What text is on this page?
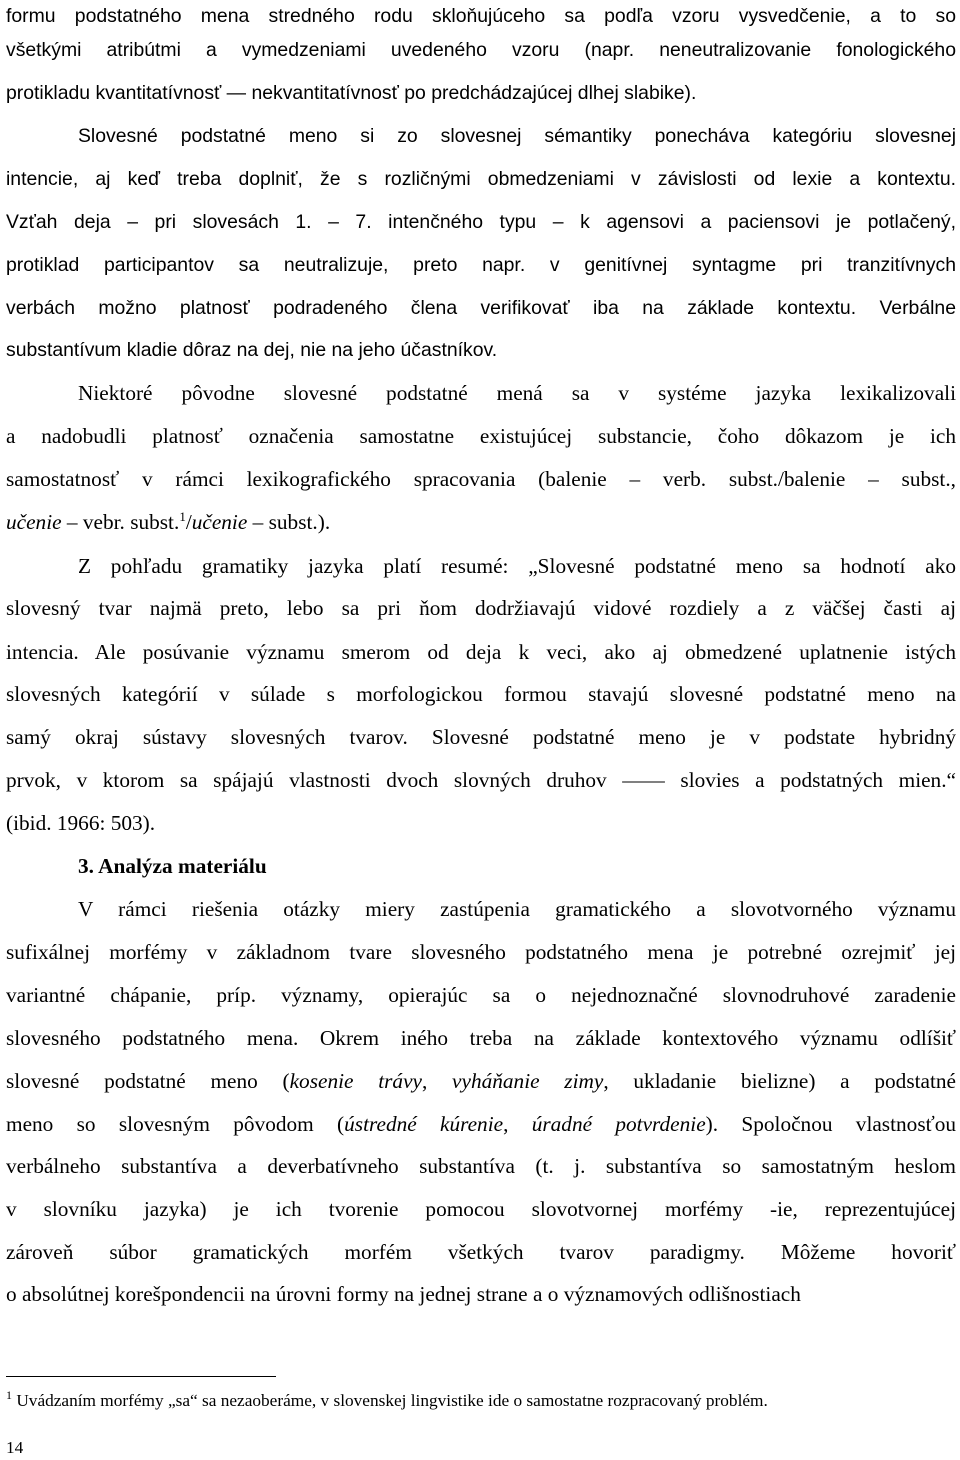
formu podstatného mena stredného rodu skloňujúceho sa podľa vzoru vysvedčenie, a to so
všetkými atribútmi a vymedzeniami uvedeného vzoru (napr. neneutralizovanie fonologického
protikladu kvantitatívnosť — nekvantitatívnosť po predchádzajúcej dlhej slabike).
Slovesné podstatné meno si zo slovesnej sémantiky ponecháva kategóriu slovesnej
intencie, aj keď treba doplniť, že s rozličnými obmedzeniami v závislosti od lexie a kontextu.
Vzťah deja – pri slovesách 1. – 7. intenčného typu – k agensovi a paciensovi je potlačený,
protiklad participantov sa neutralizuje, preto napr. v genitívnej syntagme pri tranzitívnych
verbách možno platnosť podradeného člena verifikovať iba na základe kontextu. Verbálne
substantívum kladie dôraz na dej, nie na jeho účastníkov.
Niektoré pôvodne slovesné podstatné mená sa v systéme jazyka lexikalizovali
a nadobudli platnosť označenia samostatne existujúcej substancie, čoho dôkazom je ich
samostatnosť v rámci lexikografického spracovania (balenie – verb. subst./balenie – subst.,
učenie – vebr. subst.$^1$/učenie – subst.).
Z pohľadu gramatiky jazyka platí resumé: „Slovesné podstatné meno sa hodnotí ako
slovesný tvar najmä preto, lebo sa pri ňom dodržiavajú vidové rozdiely a z väčšej časti aj
intencia. Ale posúvanie významu smerom od deja k veci, ako aj obmedzené uplatnenie istých
slovesných kategórií v súlade s morfologickou formou stavajú slovesné podstatné meno na
samý okraj sústavy slovesných tvarov. Slovesné podstatné meno je v podstate hybridný
prvok, v ktorom sa spájajú vlastnosti dvoch slovných druhov —— slovies a podstatných mien.“
(ibid. 1966: 503).
3. Analýza materiálu
V rámci riešenia otázky miery zastúpenia gramatického a slovotvorného významu
sufixálnej morfémy v základnom tvare slovesného podstatného mena je potrebné ozrejmiť jej
variantné chápanie, príp. významy, opierajúc sa o nejednoznačné slovnodruhové zaradenie
slovesného podstatného mena. Okrem iného treba na základe kontextového významu odlíšiť
slovesné podstatné meno (kosenie trávy, vyháňanie zimy, ukladanie bielizne) a podstatné
meno so slovesným pôvodom (ústredné kúrenie, úradné potvrdenie). Spoločnou vlastnosťou
verbálneho substantíva a deverbatívneho substantíva (t. j. substantíva so samostatným heslom
v slovníku jazyka) je ich tvorenie pomocou slovotvornej morfémy -ie, reprezentujúcej
zároveň súbor gramatických morfém všetkých tvarov paradigmy. Môžeme hovoriť
o absolútnej korešpondencii na úrovni formy na jednej strane a o významových odlišnostiach
$^1$ Uvádzaním morfémy „sa“ sa nezaoberáme, v slovenskej lingvistike ide o samostatne rozpracovaný problém.
14
